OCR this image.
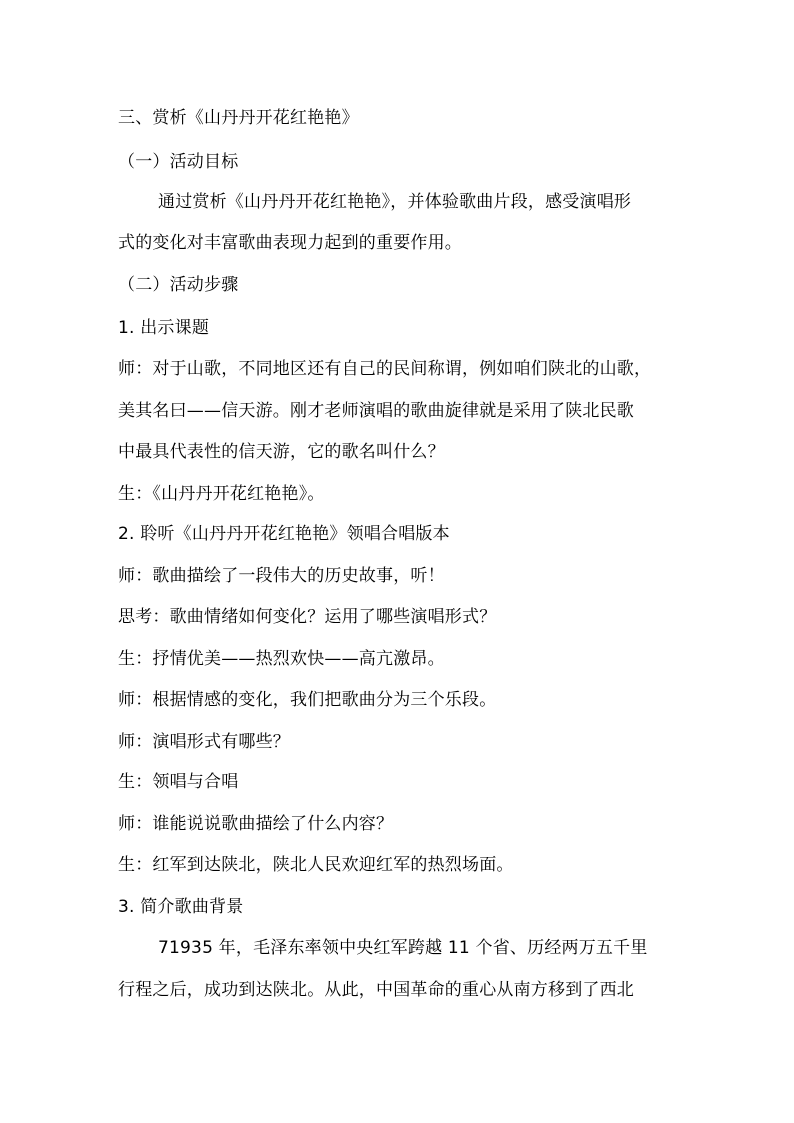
三、赏析《山丹丹开花红艳艳》
（一）活动目标
通过赏析《山丹丹开花红艳艳》，并体验歌曲片段，感受演唱形
式的变化对丰富歌曲表现力起到的重要作用。
（二）活动步骤
1. 出示课题
师：对于山歌，不同地区还有自己的民间称谓，例如咱们陕北的山歌，
美其名曰——信天游。刚才老师演唱的歌曲旋律就是采用了陕北民歌
中最具代表性的信天游，它的歌名叫什么？
生：《山丹丹开花红艳艳》。
2. 聆听《山丹丹开花红艳艳》领唱合唱版本
师：歌曲描绘了一段伟大的历史故事，听！
思考：歌曲情绪如何变化？运用了哪些演唱形式？
生：抒情优美——热烈欢快——高亢激昂。
师：根据情感的变化，我们把歌曲分为三个乐段。
师：演唱形式有哪些？
生：领唱与合唱
师：谁能说说歌曲描绘了什么内容？
生：红军到达陕北，陕北人民欢迎红军的热烈场面。
3. 简介歌曲背景
71935 年，毛泽东率领中央红军跨越 11 个省、历经两万五千里
行程之后，成功到达陕北。从此，中国革命的重心从南方移到了西北
